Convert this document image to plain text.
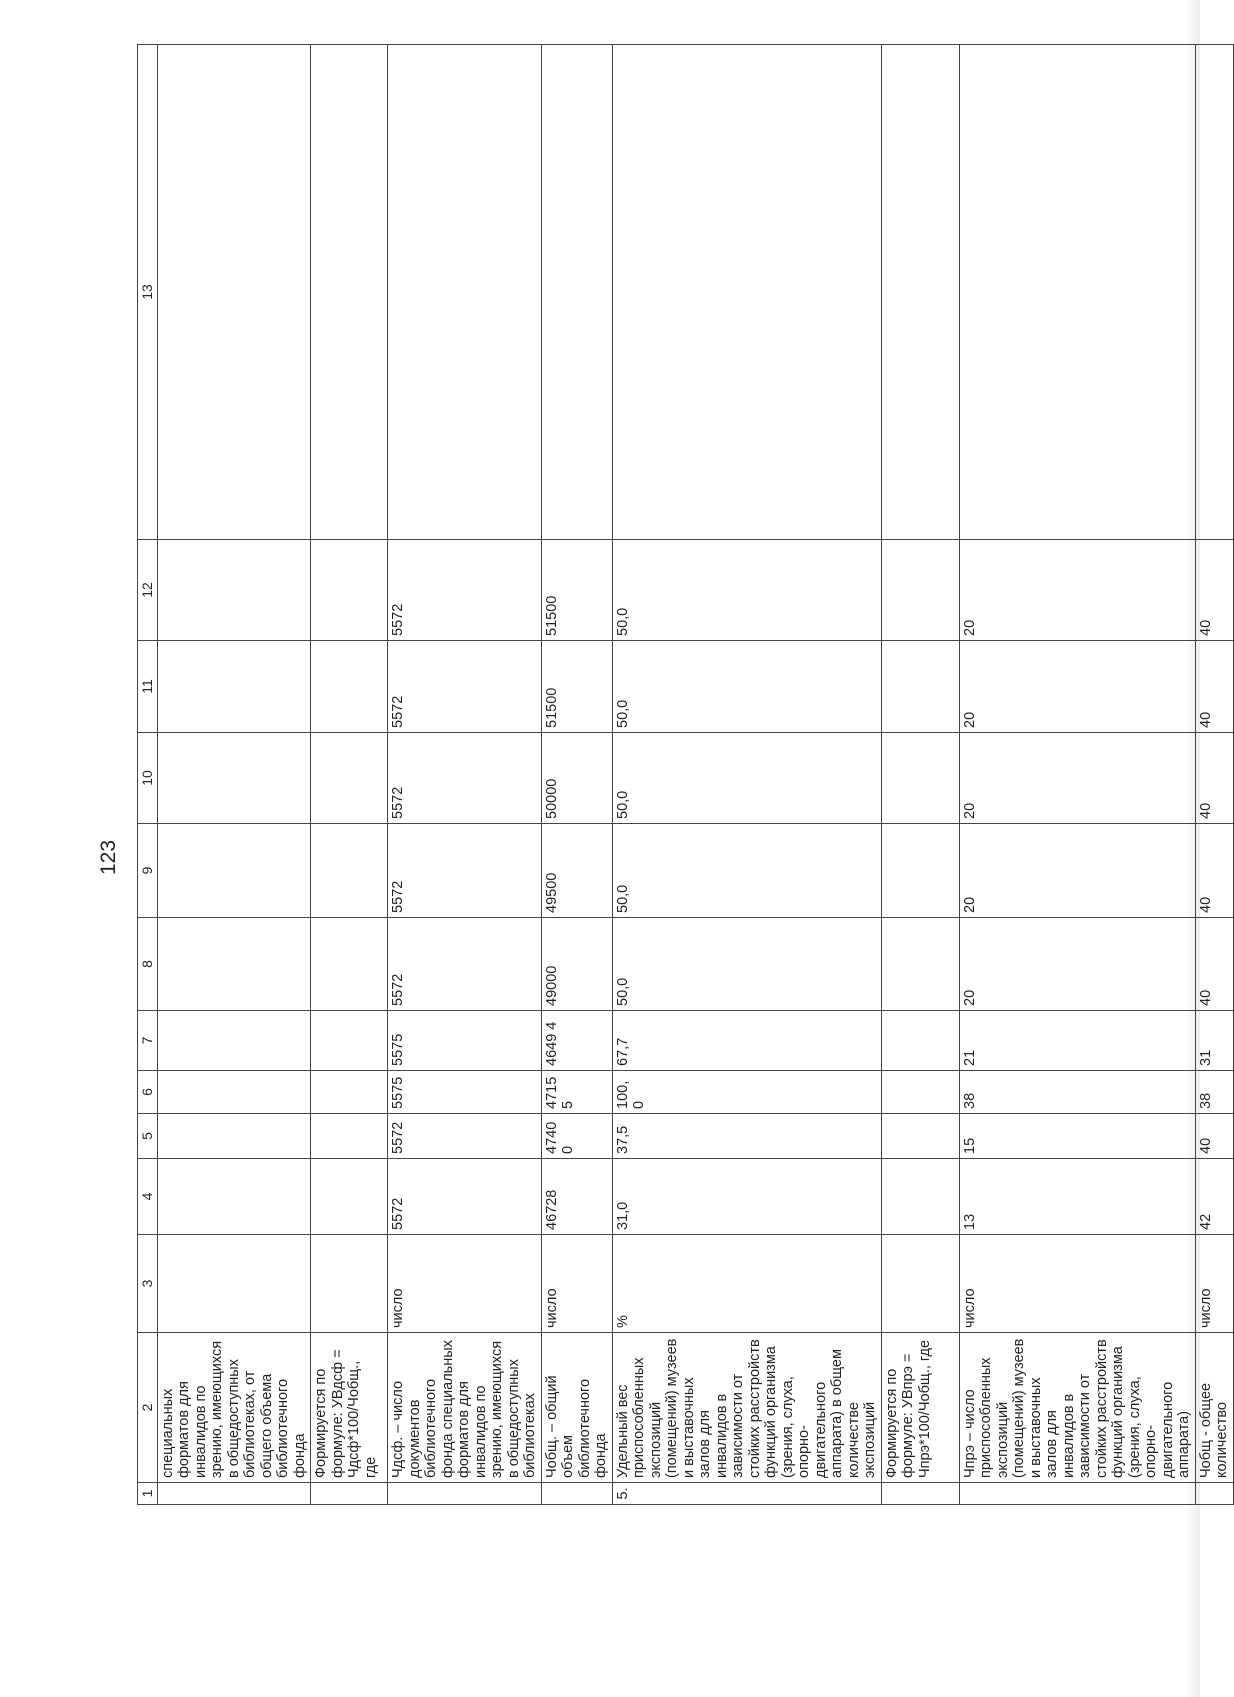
123
1	2	3	4	5	6	7	8	9	10	11	12	13
	специальных форматов для инвалидов по зрению, имеющихся в общедоступных библиотеках, от общего объема библиотечного фонда											
	Формируется по формуле: УВдсф = Чдсф*100/Чобщ., где											
	Чдсф. – число документов библиотечного фонда специальных форматов для инвалидов по зрению, имеющихся в общедоступных библиотеках	число	5572	5572	5575	5575	5572	5572	5572	5572	5572	
	Чобщ. – общий объем библиотечного фонда	число	46728	4740 0	4715 5	4649 4	49000	49500	50000	51500	51500	
5.	Удельный вес приспособленных экспозиций (помещений) музеев и выставочных залов для инвалидов в зависимости от стойких расстройств функций организма (зрения, слуха, опорно-двигательного аппарата) в общем количестве экспозиций	%	31,0	37,5	100, 0	67,7	50,0	50,0	50,0	50,0	50,0	
	Формируется по формуле: УВпрэ = Чпрэ*100/Чобщ., где											
	Чпрэ – число приспособленных экспозиций (помещений) музеев и выставочных залов для инвалидов в зависимости от стойких расстройств функций организма (зрения, слуха, опорно-двигательного аппарата)	число	13	15	38	21	20	20	20	20	20	
	Чобщ - общее количество	число	42	40	38	31	40	40	40	40	40	
